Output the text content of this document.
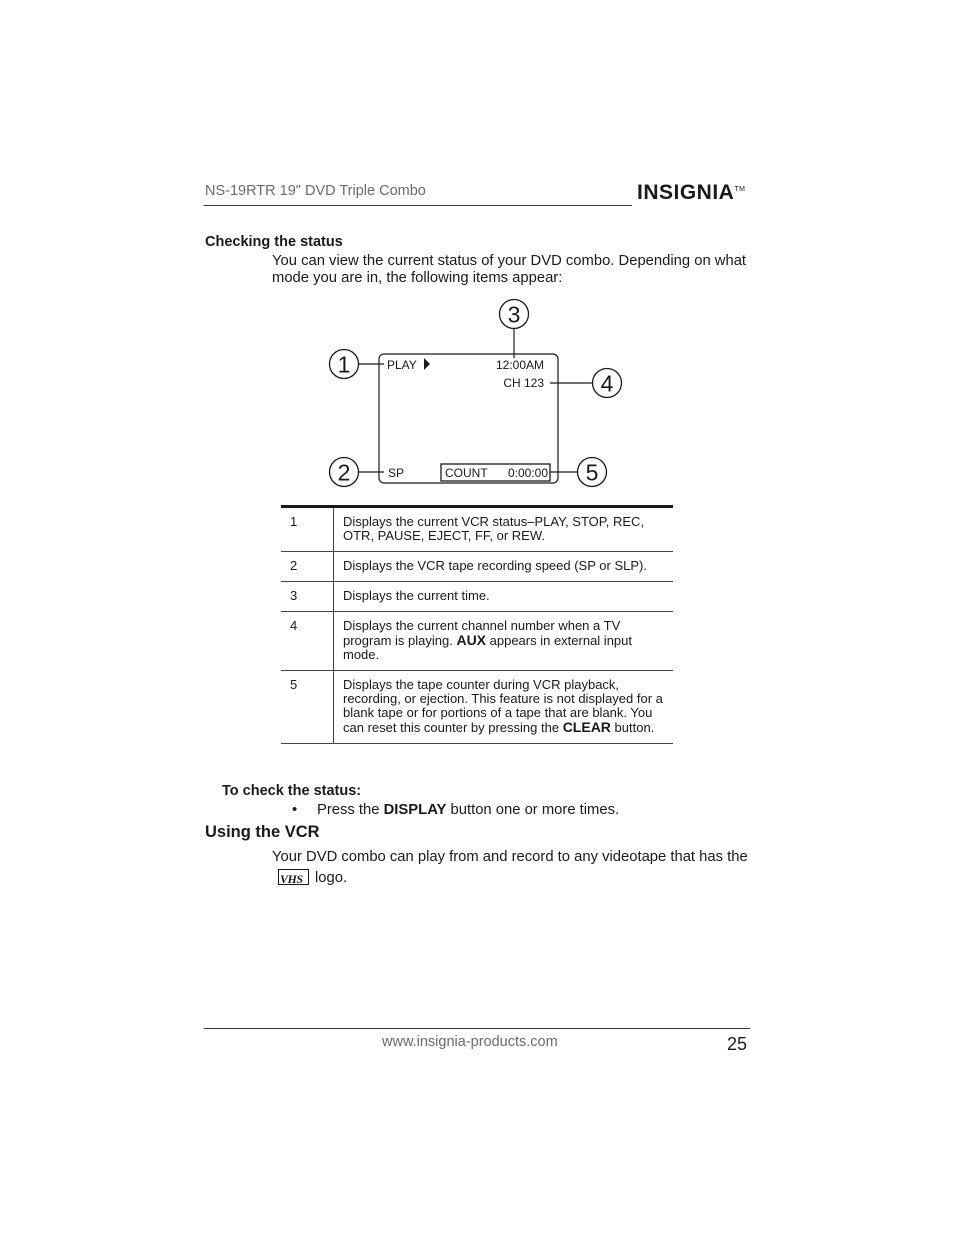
NS-19RTR 19" DVD Triple Combo	INSIGNIA™
Checking the status
You can view the current status of your DVD combo. Depending on what mode you are in, the following items appear:
1
2
3
4
5
PLAY	12:00AM
CH 123
SP	COUNT 0:00:00
1	Displays the current VCR status–PLAY, STOP, REC, OTR, PAUSE, EJECT, FF, or REW.
2	Displays the VCR tape recording speed (SP or SLP).
3	Displays the current time.
4	Displays the current channel number when a TV program is playing. AUX appears in external input mode.
5	Displays the tape counter during VCR playback, recording, or ejection. This feature is not displayed for a blank tape or for portions of a tape that are blank. You can reset this counter by pressing the CLEAR button.
To check the status:
• Press the DISPLAY button one or more times.
Using the VCR
Your DVD combo can play from and record to any videotape that has the
VHS logo.
www.insignia-products.com	25
